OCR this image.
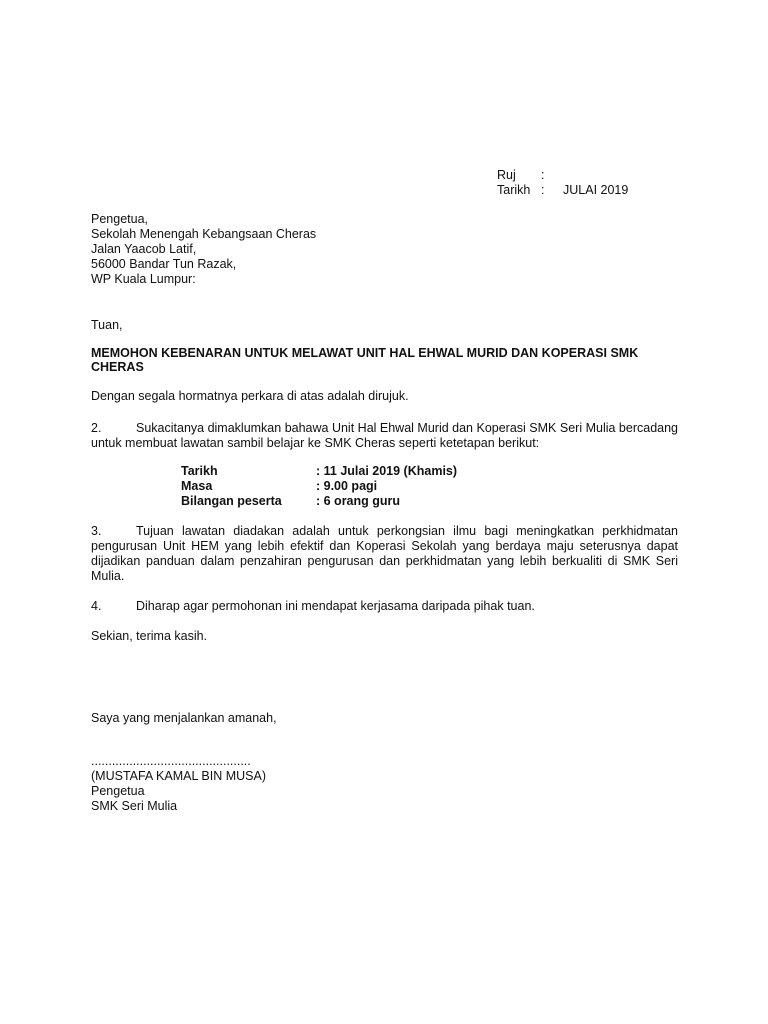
Ruj	:
Tarikh :	JULAI 2019
Pengetua,
Sekolah Menengah Kebangsaan Cheras
Jalan Yaacob Latif,
56000 Bandar Tun Razak,
WP Kuala Lumpur:
Tuan,
MEMOHON KEBENARAN UNTUK MELAWAT UNIT HAL EHWAL MURID DAN KOPERASI SMK CHERAS
Dengan segala hormatnya perkara di atas adalah dirujuk.
2.	Sukacitanya dimaklumkan bahawa Unit Hal Ehwal Murid dan Koperasi SMK Seri Mulia bercadang untuk membuat lawatan sambil belajar ke SMK Cheras seperti ketetapan berikut:
Tarikh	: 11 Julai 2019 (Khamis)
Masa	: 9.00 pagi
Bilangan peserta	: 6 orang guru
3.	Tujuan lawatan diadakan adalah untuk perkongsian ilmu bagi meningkatkan perkhidmatan pengurusan Unit HEM yang lebih efektif dan Koperasi Sekolah yang berdaya maju seterusnya dapat dijadikan panduan dalam penzahiran pengurusan dan perkhidmatan yang lebih berkualiti di SMK Seri Mulia.
4.	Diharap agar permohonan ini mendapat kerjasama daripada pihak tuan.
Sekian, terima kasih.
Saya yang menjalankan amanah,
..............................................
(MUSTAFA KAMAL BIN MUSA)
Pengetua
SMK Seri Mulia
